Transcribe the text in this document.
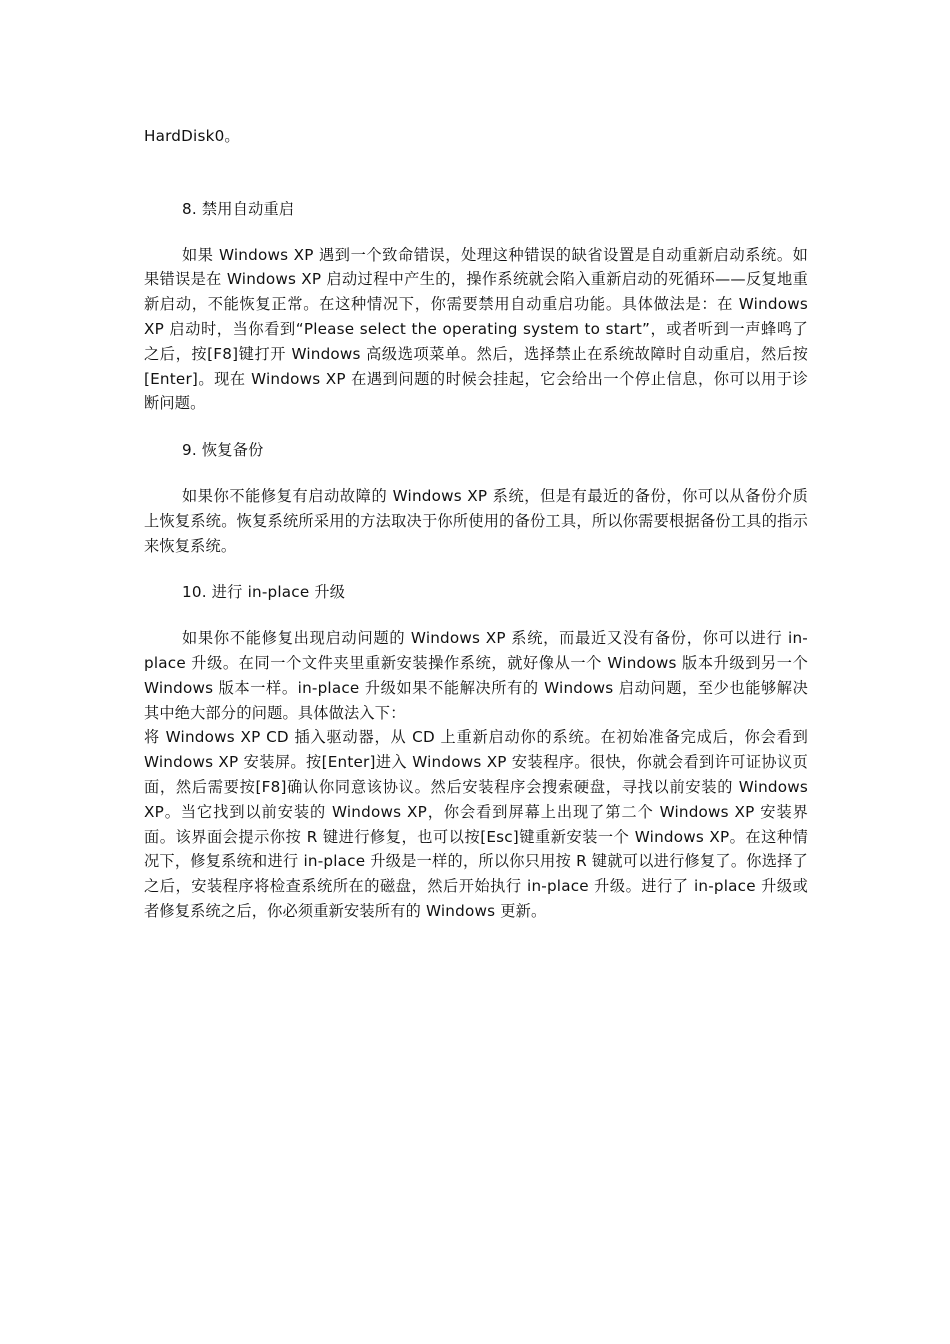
HardDisk0。

8. 禁用自动重启

如果 Windows XP 遇到一个致命错误，处理这种错误的缺省设置是自动重新启动系统。如果错误是在 Windows XP 启动过程中产生的，操作系统就会陷入重新启动的死循环——反复地重新启动，不能恢复正常。在这种情况下，你需要禁用自动重启功能。具体做法是：在 Windows XP 启动时，当你看到“Please select the operating system to start”，或者听到一声蜂鸣了之后，按[F8]键打开 Windows 高级选项菜单。然后，选择禁止在系统故障时自动重启，然后按[Enter]。现在 Windows XP 在遇到问题的时候会挂起，它会给出一个停止信息，你可以用于诊断问题。

9. 恢复备份

如果你不能修复有启动故障的 Windows XP 系统，但是有最近的备份，你可以从备份介质上恢复系统。恢复系统所采用的方法取决于你所使用的备份工具，所以你需要根据备份工具的指示来恢复系统。

10. 进行 in-place 升级

如果你不能修复出现启动问题的 Windows XP 系统，而最近又没有备份，你可以进行 in-place 升级。在同一个文件夹里重新安装操作系统，就好像从一个 Windows 版本升级到另一个 Windows 版本一样。in-place 升级如果不能解决所有的 Windows 启动问题，至少也能够解决其中绝大部分的问题。具体做法入下：

将 Windows XP CD 插入驱动器，从 CD 上重新启动你的系统。在初始准备完成后，你会看到 Windows XP 安装屏。按[Enter]进入 Windows XP 安装程序。很快，你就会看到许可证协议页面，然后需要按[F8]确认你同意该协议。然后安装程序会搜索硬盘，寻找以前安装的 Windows XP。当它找到以前安装的 Windows XP，你会看到屏幕上出现了第二个 Windows XP 安装界面。该界面会提示你按 R 键进行修复，也可以按[Esc]键重新安装一个 Windows XP。在这种情况下，修复系统和进行 in-place 升级是一样的，所以你只用按 R 键就可以进行修复了。你选择了之后，安装程序将检查系统所在的磁盘，然后开始执行 in-place 升级。进行了 in-place 升级或者修复系统之后，你必须重新安装所有的 Windows 更新。
